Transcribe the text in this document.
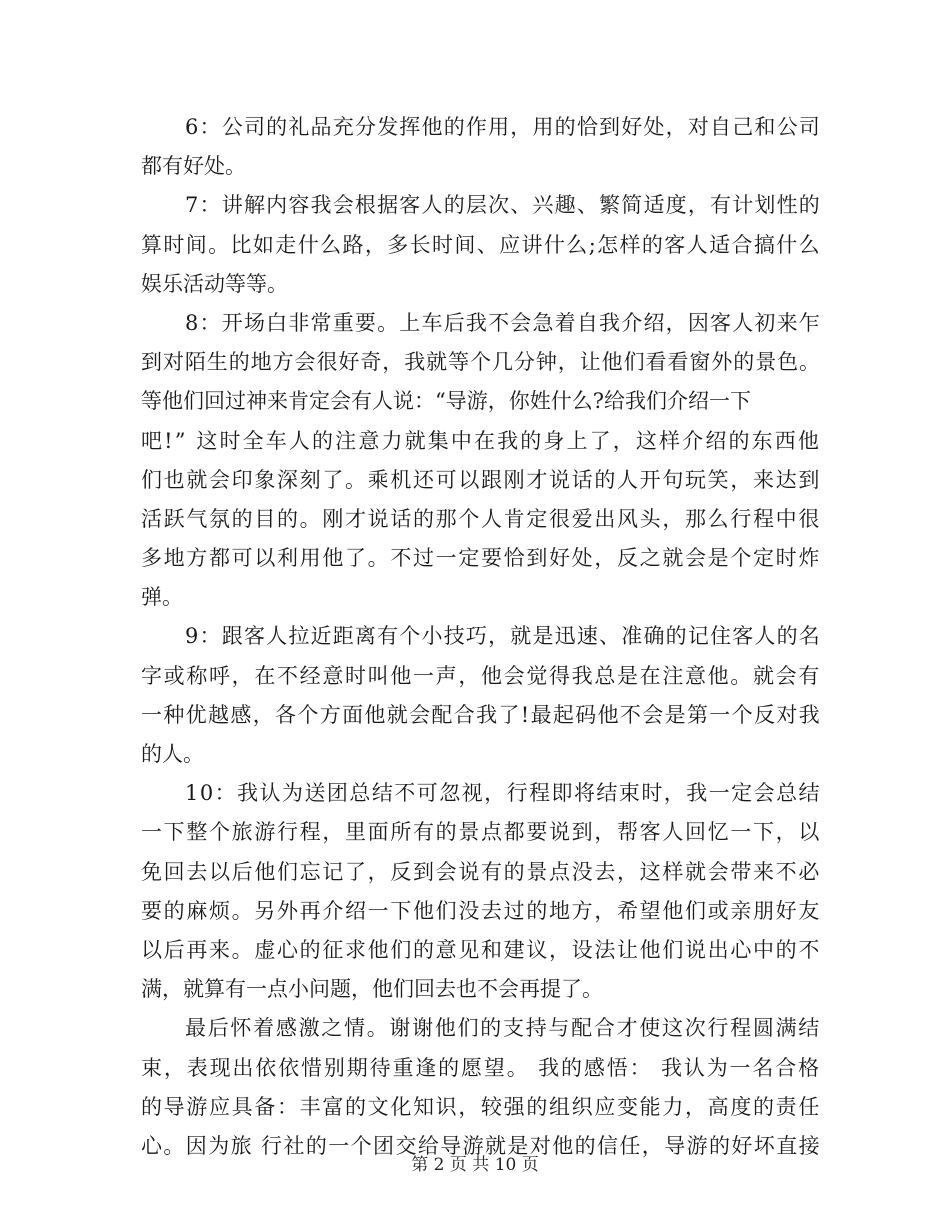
6：公司的礼品充分发挥他的作用，用的恰到好处，对自己和公司
都有好处。
7：讲解内容我会根据客人的层次、兴趣、繁简适度，有计划性的
算时间。比如走什么路，多长时间、应讲什么;怎样的客人适合搞什么
娱乐活动等等。
8：开场白非常重要。上车后我不会急着自我介绍，因客人初来乍
到对陌生的地方会很好奇，我就等个几分钟，让他们看看窗外的景色。
等他们回过神来肯定会有人说：“导游，你姓什么?给我们介绍一下
吧!” 这时全车人的注意力就集中在我的身上了，这样介绍的东西他
们也就会印象深刻了。乘机还可以跟刚才说话的人开句玩笑，来达到
活跃气氛的目的。刚才说话的那个人肯定很爱出风头，那么行程中很
多地方都可以利用他了。不过一定要恰到好处，反之就会是个定时炸
弹。
9：跟客人拉近距离有个小技巧，就是迅速、准确的记住客人的名
字或称呼，在不经意时叫他一声，他会觉得我总是在注意他。就会有
一种优越感，各个方面他就会配合我了!最起码他不会是第一个反对我
的人。
10：我认为送团总结不可忽视，行程即将结束时，我一定会总结
一下整个旅游行程，里面所有的景点都要说到，帮客人回忆一下，以
免回去以后他们忘记了，反到会说有的景点没去，这样就会带来不必
要的麻烦。另外再介绍一下他们没去过的地方，希望他们或亲朋好友
以后再来。虚心的征求他们的意见和建议，设法让他们说出心中的不
满，就算有一点小问题，他们回去也不会再提了。
最后怀着感激之情。谢谢他们的支持与配合才使这次行程圆满结
束，表现出依依惜别期待重逢的愿望。 我的感悟： 我认为一名合格
的导游应具备：丰富的文化知识，较强的组织应变能力，高度的责任
心。因为旅 行社的一个团交给导游就是对他的信任，导游的好坏直接
第 2 页 共 10 页
